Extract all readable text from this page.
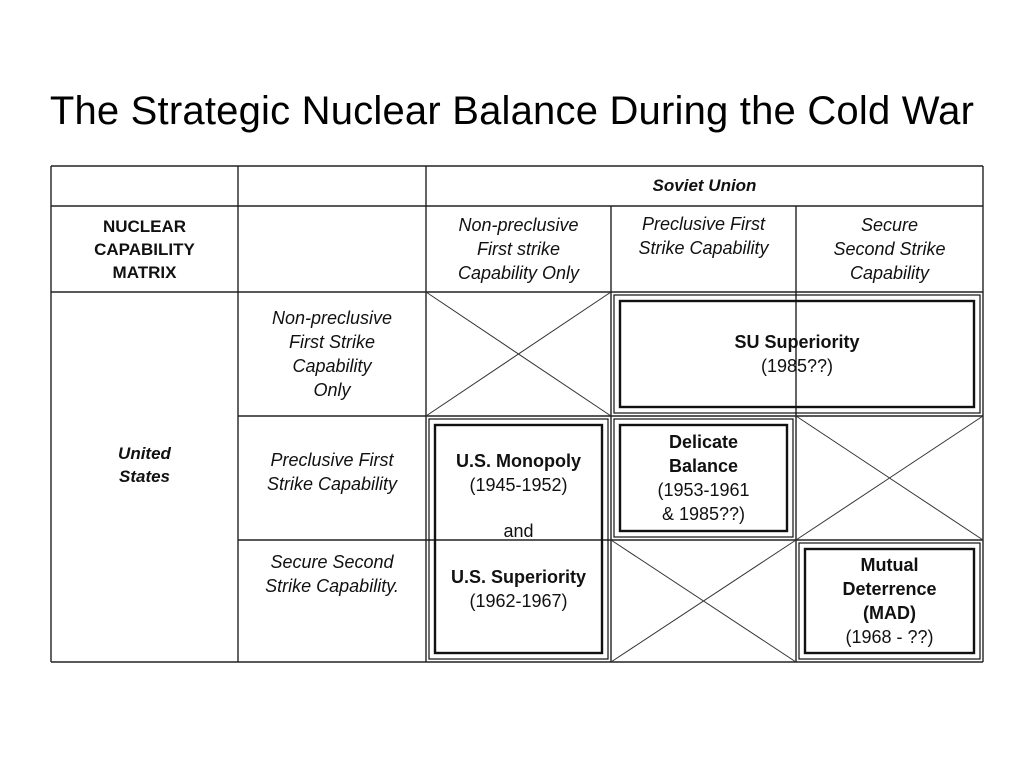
The Strategic Nuclear Balance During the Cold War
Soviet Union
NUCLEAR
CAPABILITY
MATRIX
Non-preclusive
First strike
Capability Only
Preclusive First
Strike Capability
Secure
Second Strike
Capability
United
States
Non-preclusive
First Strike
Capability
Only
Preclusive First
Strike Capability
Secure Second
Strike Capability.
SU Superiority
(1985??)
U.S. Monopoly
(1945-1952)
and
U.S. Superiority
(1962-1967)
Delicate
Balance
(1953-1961
& 1985??)
Mutual
Deterrence
(MAD)
(1968 - ??)
